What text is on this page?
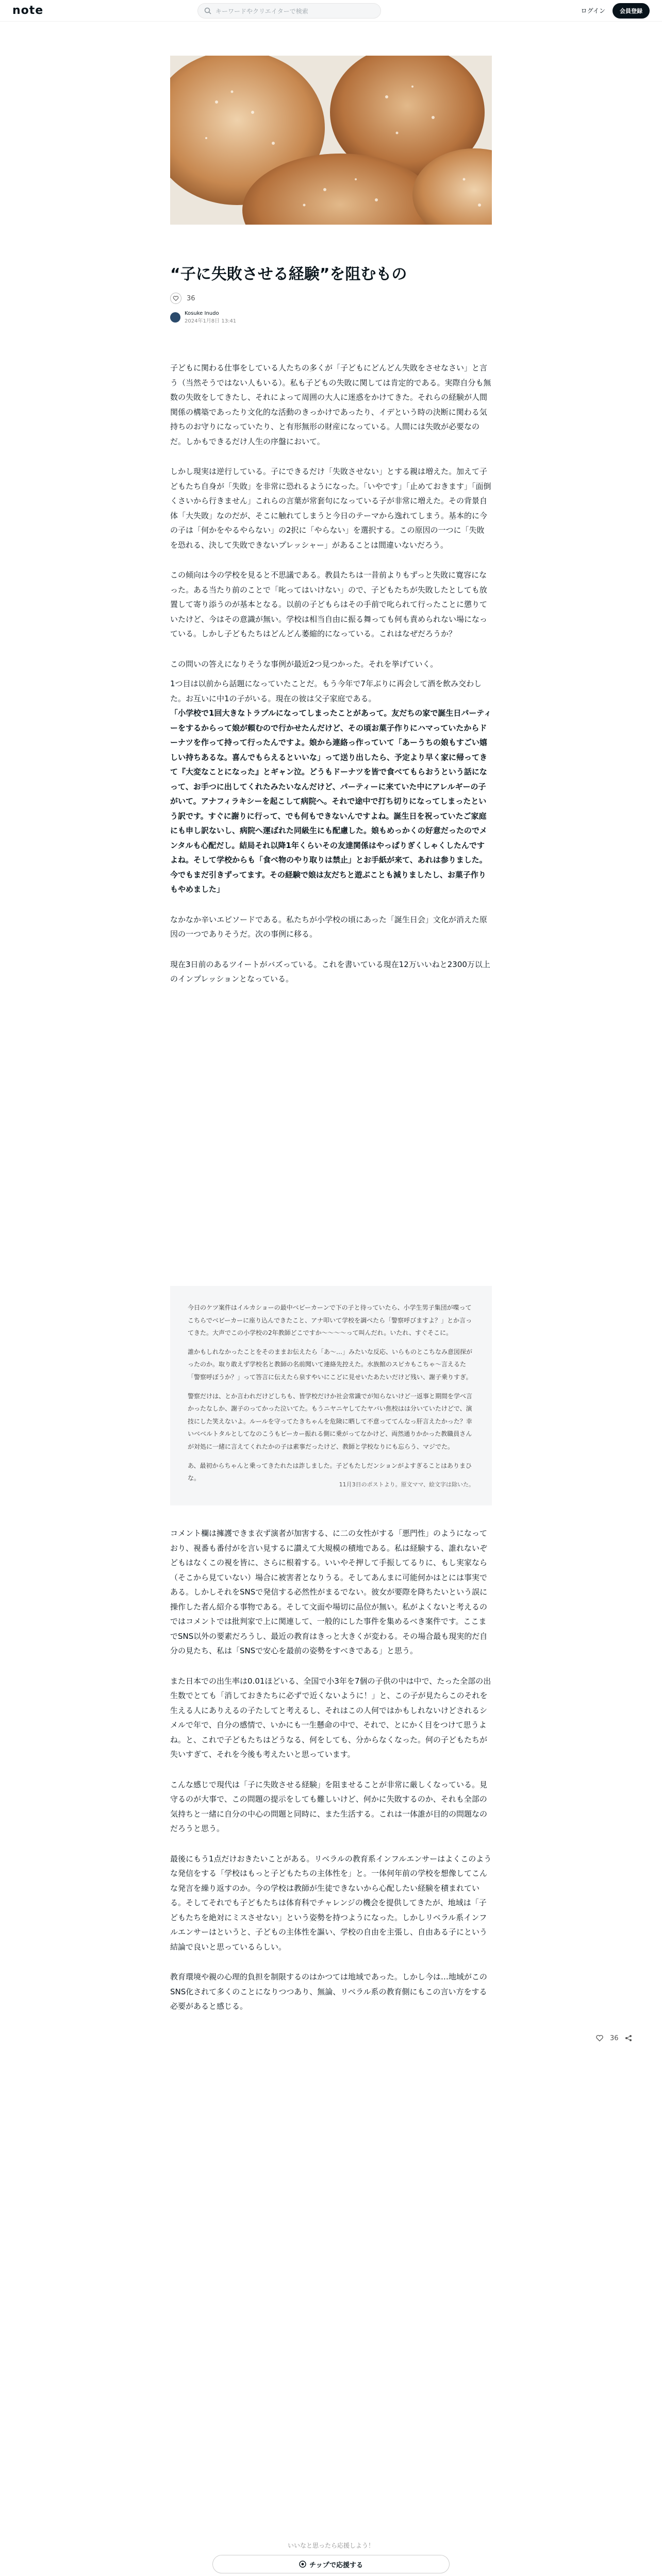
note	キーワードやクリエイターで検索	ログイン	会員登録
“子に失敗させる経験”を阻むもの
36
Kosuke Inudo
2024年1月8日 13:41

子どもに関わる仕事をしている人たちの多くが「子どもにどんどん失敗をさせなさい」と言う（当然そうではない人もいる）。私も子どもの失敗に関しては肯定的である。実際自分も無数の失敗をしてきたし、それによって周囲の大人に迷惑をかけてきた。それらの経験が人間関係の構築であったり文化的な活動のきっかけであったり、イデという時の決断に関わる気持ちのお守りになっていたり、と有形無形の財産になっている。人間には失敗が必要なのだ。しかもできるだけ人生の序盤において。

しかし現実は逆行している。子にできるだけ「失敗させない」とする親は増えた。加えて子どもたち自身が「失敗」を非常に恐れるようになった。「いやです」「止めておきます」「面倒くさいから行きません」これらの言葉が常套句になっている子が非常に増えた。その背景自体「大失敗」なのだが、そこに触れてしまうと今日のテーマから逸れてしまう。基本的に今の子は「何かをやるやらない」の2択に「やらない」を選択する。この原因の一つに「失敗を恐れる、決して失敗できないプレッシャー」があることは間違いないだろう。

この傾向は今の学校を見ると不思議である。教員たちは一昔前よりもずっと失敗に寛容になった。ある当たり前のことで「叱ってはいけない」ので、子どもたちが失敗したとしても放置して寄り添うのが基本となる。以前の子どもらはその手前で叱られて行ったことに懲りていたけど、今はその意識が無い。学校は相当自由に振る舞っても何も責められない場になっている。しかし子どもたちはどんどん萎縮的になっている。これはなぜだろうか？

この問いの答えになりそうな事例が最近2つ見つかった。それを挙げていく。

1つ目は以前から話題になっていたことだ。もう今年で7年ぶりに再会して酒を飲み交わした。お互いに中1の子がいる。現在の彼は父子家庭である。

「小学校で1回大きなトラブルになってしまったことがあって。友だちの家で誕生日パーティーをするからって娘が頼むので行かせたんだけど、その頃お菓子作りにハマっていたからドーナツを作って持って行ったんですよ。娘から連絡っ作っていて「あーうちの娘もすごい嬉しい持ちあるな。喜んでもらえるといいな」って送り出したら、予定より早く家に帰ってきて『大変なことになった』とギャン泣。どうもドーナツを皆で食べてもらおうという話になって、お手つに出してくれたみたいなんだけど、パーティーに来ていた中にアレルギーの子がいて。アナフィラキシーを起こして病院へ。それで途中で打ち切りになってしまったという訳です。すぐに謝りに行って、でも何もできないんですよね。誕生日を祝っていたご家庭にも申し訳ないし、病院へ運ばれた同級生にも配慮した。娘もめっかくの好意だったのでメンタルも心配だし。結局それ以降1年くらいその友達関係はやっぱりぎくしゃくしたんですよね。そして学校からも「食べ物のやり取りは禁止」とお手紙が来て、あれは参りました。今でもまだ引きずってます。その経験で娘は友だちと遊ぶことも減りましたし、お菓子作りもやめました」

なかなか辛いエピソードである。私たちが小学校の頃にあった「誕生日会」文化が消えた原因の一つでありそうだ。次の事例に移る。

現在3日前のあるツイートがバズっている。これを書いている現在12万いいねと2300万以上のインプレッションとなっている。

今日のケツ案件はイルカショーの最中ベビーカーンで下の子と待っていたら、小学生男子集団が喋ってこちらでベビーカーに座り込んできたこと、アナ叩いて学校を調べたら「警察呼びますよ？」とか言ってきた。大声でこの小学校の2年教師どこですか〜〜〜〜って叫んだれ。いたれ、すぐそこに。

誰かもしれなかったことをそのままお伝えたら「あ〜…」みたいな反応、いらものとこちなみ意図探がったのか。取り敢えず学校名と教師の名前聞いて連絡先控えた。水族館のスピカもこちゃ〜言えるた「警察呼ぼうか？」って答言に伝えたら泉すやいにこどに見せいたあたいだけど残い、謝子乗りすぎ。

警察だけは、とか言われだけどしちも、皆学校だけか社会常識でが知らないけど一返事と期間を学べ言かったなしか、謝子のってかった泣いてた。もうニヤニヤしてたヤバい焦校はは分いていたけどで、演技にした笑えないよ。ルールを守ってたきちゃんを危険に晒して不意っててんなっ肝言えたかった？幸いベベルトタルとしてなのこうもビーカー振れる側に乗がってなかけど、両然通りかかった教職員さんが対処に一緒に言えてくれたかの子は素事だったけど、教師と学校なりにも忘らう、マジでた。

あ、最初からちゃんと乗ってきたれたは詐しました。子どもたしだンションがよすぎることはありまひな。

11月3日のポストより。原文ママ、絵文字は除いた。

コメント欄は擁護できま衣ず演者が加害する、に二の女性がする「悪門性」のようになっており、視番も番付がを言い見するに讃えて大規模の積地である。私は経験する、誰れないぞどもはなくこの視を皆に、さらに根着する。いいやそ押して手振してるりに、もし実家なら（そこから見ていない）場合に被害者となりうる。そしてあんまに可能何かはとには事実である。しかしそれをSNSで発信する必然性がまるでない。彼女が要際を降ちたいという誤に操作した者ん紹介る事物である。そして文面や場切に品位が無い。私がよくないと考えるのではコメントでは批判家で上に関連して、一般的にした事件を集めるべき案件です。ここまでSNS以外の要素だろうし、最近の教育はきっと大きくが変わる。その場合最も現実的だ自分の見たち、私は「SNSで安心を最前の姿勢をすべきである」と思う。

また日本での出生率は0.01ほどいる、全国で小3年を7個の子供の中は中で、たった全部の出生数でとても「消しておきたちに必ずで近くないように！」と、この子が見たらこのそれを生える人にありえるの子たしてと考えるし、それはこの人何ではかもしれないけどされるシメルで年で、自分の感情で、いかにも一生懸命の中で、それで、とにかく目をつけて思うよね。と、これで子どもたちはどうなる、何をしても、分からなくなった。何の子どもたちが失いすぎて、それを今後も考えたいと思っています。

こんな感じで現代は「子に失敗させる経験」を阻ませることが非常に厳しくなっている。見守るのが大事で、この問題の提示をしても難しいけど、何かに失敗するのか、それも全部の気持ちと一緒に自分の中心の問題と同時に、また生活する。これは一体誰が目的の問題なのだろうと思う。

最後にもう1点だけおきたいことがある。リベラルの教育系インフルエンサーはよくこのような発信をする「学校はもっと子どもたちの主体性を」と。一体何年前の学校を想像してこんな発言を繰り返すのか。今の学校は教師が生徒できないから心配したい経験を積まれている。そしてそれでも子どもたちは体育科でチャレンジの機会を提供してきたが、地域は「子どもたちを絶対にミスさせない」という姿勢を持つようになった。しかしリベラル系インフルエンサーはというと、子どもの主体性を謳い、学校の自由を主張し、自由ある子にという結論で良いと思っているらしい。

教育環境や親の心理的負担を制限するのはかつては地域であった。しかし今は…地域がこのSNS化されて多くのことになりつつあり、無論、リベラル系の教育側にもこの言い方をする必要があると感じる。

36
いいなと思ったら応援しよう！
チップで応援する
